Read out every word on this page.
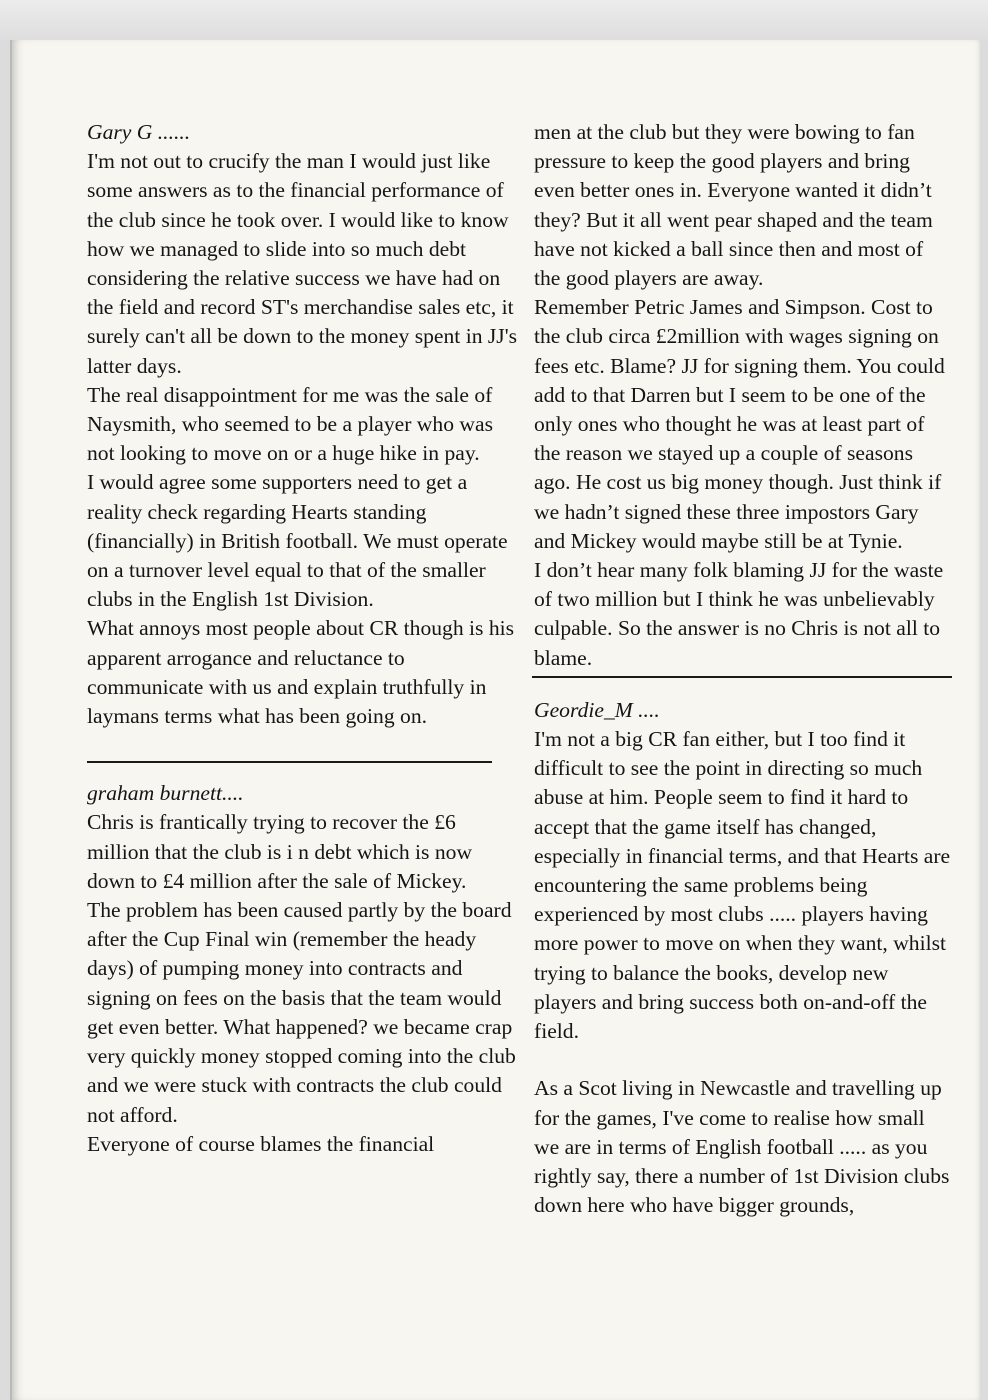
Gary G ......
I'm not out to crucify the man I would just like some answers as to the financial performance of the club since he took over. I would like to know how we managed to slide into so much debt considering the relative success we have had on the field and record ST's merchandise sales etc, it surely can't all be down to the money spent in JJ's latter days.
The real disappointment for me was the sale of Naysmith, who seemed to be a player who was not looking to move on or a huge hike in pay.
I would agree some supporters need to get a reality check regarding Hearts standing (financially) in British football. We must operate on a turnover level equal to that of the smaller clubs in the English 1st Division.
What annoys most people about CR though is his apparent arrogance and reluctance to communicate with us and explain truthfully in laymans terms what has been going on.
graham burnett....
Chris is frantically trying to recover the £6 million that the club is i n debt which is now down to £4 million after the sale of Mickey.
The problem has been caused partly by the board after the Cup Final win (remember the heady days) of pumping money into contracts and signing on fees on the basis that the team would get even better. What happened? we became crap very quickly money stopped coming into the club and we were stuck with contracts the club could not afford.
Everyone of course blames the financial
men at the club but they were bowing to fan pressure to keep the good players and bring even better ones in. Everyone wanted it didn’t they? But it all went pear shaped and the team have not kicked a ball since then and most of the good players are away.
Remember Petric James and Simpson. Cost to the club circa £2million with wages signing on fees etc. Blame? JJ for signing them. You could add to that Darren but I seem to be one of the only ones who thought he was at least part of the reason we stayed up a couple of seasons ago. He cost us big money though. Just think if we hadn’t signed these three impostors Gary and Mickey would maybe still be at Tynie.
I don’t hear many folk blaming JJ for the waste of two million but I think he was unbelievably culpable. So the answer is no Chris is not all to blame.
Geordie_M ....
I'm not a big CR fan either, but I too find it difficult to see the point in directing so much abuse at him. People seem to find it hard to accept that the game itself has changed, especially in financial terms, and that Hearts are encountering the same problems being experienced by most clubs ..... players having more power to move on when they want, whilst trying to balance the books, develop new players and bring success both on-and-off the field.
As a Scot living in Newcastle and travelling up for the games, I've come to realise how small we are in terms of English football ..... as you rightly say, there a number of 1st Division clubs down here who have bigger grounds,
